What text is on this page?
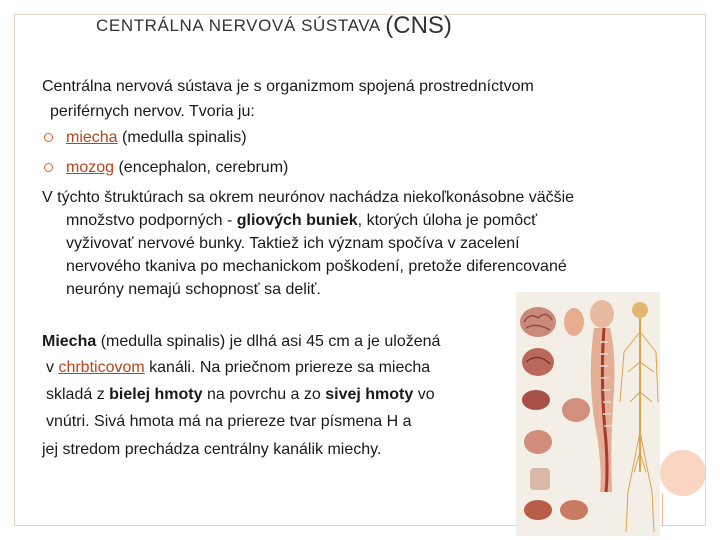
CENTRÁLNA NERVOVÁ SÚSTAVA (CNS)
Centrálna nervová sústava je s organizmom spojená prostredníctvom
periférnych nervov. Tvoria ju:
miecha (medulla spinalis)
mozog (encephalon, cerebrum)
V týchto štruktúrach sa okrem neurónov nachádza niekoľkonásobne väčšie
množstvo podporných - gliových buniek, ktorých úloha je pomôcť
vyživovať nervové bunky. Taktiež ich význam spočíva v zacelení
nervového tkaniva po mechanickom poškodení, pretože diferencované
neuróny nemajú schopnosť sa deliť.
Miecha (medulla spinalis) je dlhá asi 45 cm a je uložená
v chrbticovom kanáli. Na priečnom priereze sa miecha
skladá z bielej hmoty na povrchu a zo sivej hmoty vo
vnútri. Sivá hmota má na priereze tvar písmena H a
jej stredom prechádza centrálny kanálik miechy.
